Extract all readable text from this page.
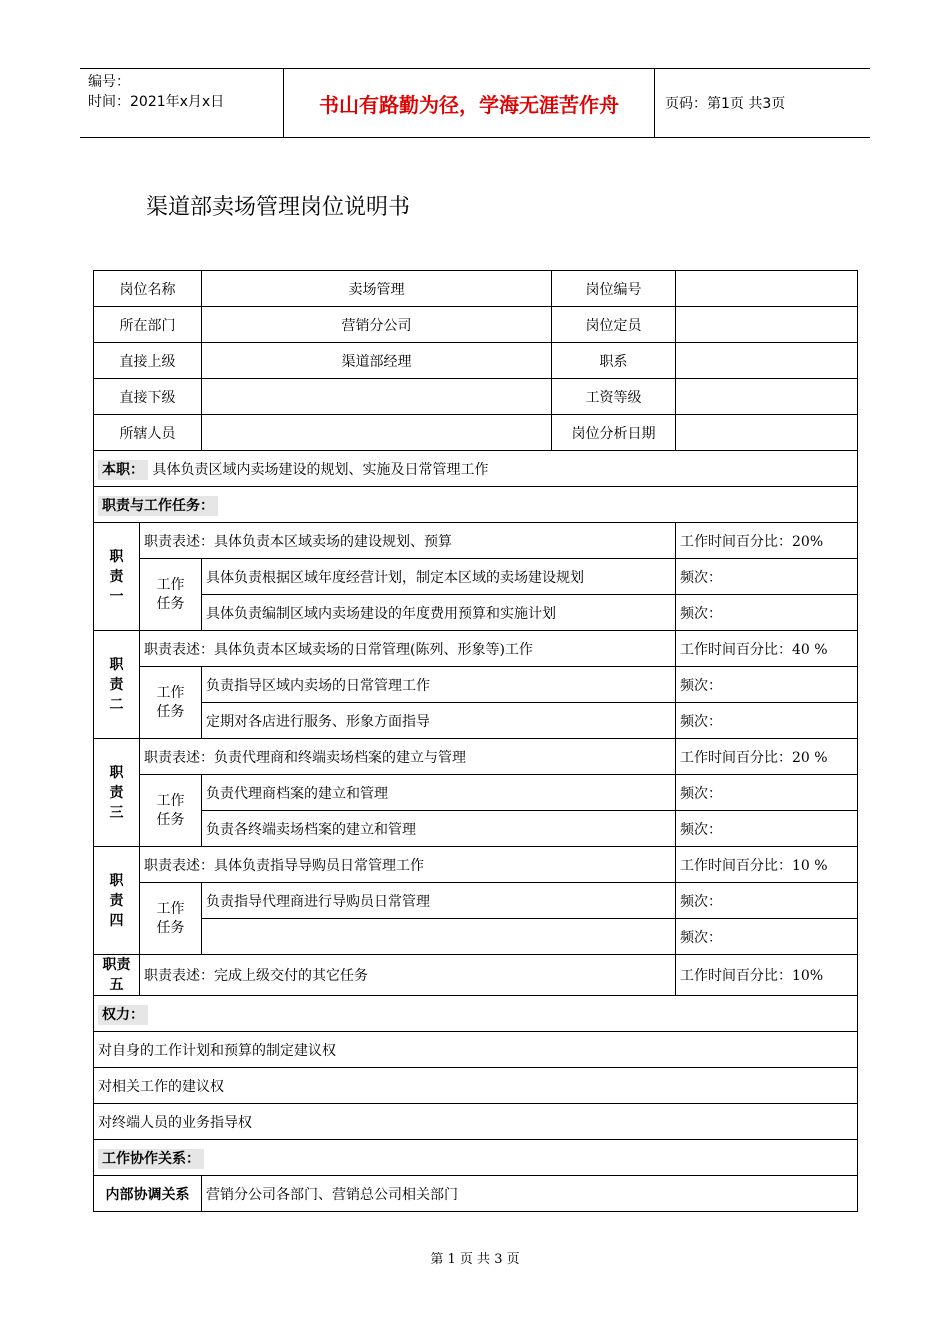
编号：
时间：2021年x月x日	书山有路勤为径，学海无涯苦作舟	页码：第1页 共3页
渠道部卖场管理岗位说明书
岗位名称		卖场管理	岗位编号	
所在部门		营销分公司	岗位定员	
直接上级		渠道部经理	职系	
直接下级			工资等级	
所辖人员			岗位分析日期	
本职： 具体负责区域内卖场建设的规划、实施及日常管理工作				
职责与工作任务：				
职责一	职责表述：具体负责本区域卖场的建设规划、预算			工作时间百分比：20%
	工作任务	具体负责根据区域年度经营计划，制定本区域的卖场建设规划		频次：
		具体负责编制区域内卖场建设的年度费用预算和实施计划		频次：
职责二	职责表述：具体负责本区域卖场的日常管理(陈列、形象等)工作			工作时间百分比：40 %
	工作任务	负责指导区域内卖场的日常管理工作		频次：
		定期对各店进行服务、形象方面指导		频次：
职责三	职责表述：负责代理商和终端卖场档案的建立与管理			工作时间百分比：20 %
	工作任务	负责代理商档案的建立和管理		频次：
		负责各终端卖场档案的建立和管理		频次：
职责四	职责表述：具体负责指导导购员日常管理工作			工作时间百分比：10 %
	工作任务	负责指导代理商进行导购员日常管理		频次：
				频次：
职责五	职责表述：完成上级交付的其它任务			工作时间百分比：10%
权力：				
对自身的工作计划和预算的制定建议权				
对相关工作的建议权				
对终端人员的业务指导权				
工作协作关系：				
内部协调关系		营销分公司各部门、营销总公司相关部门		
第 1 页 共 3 页
